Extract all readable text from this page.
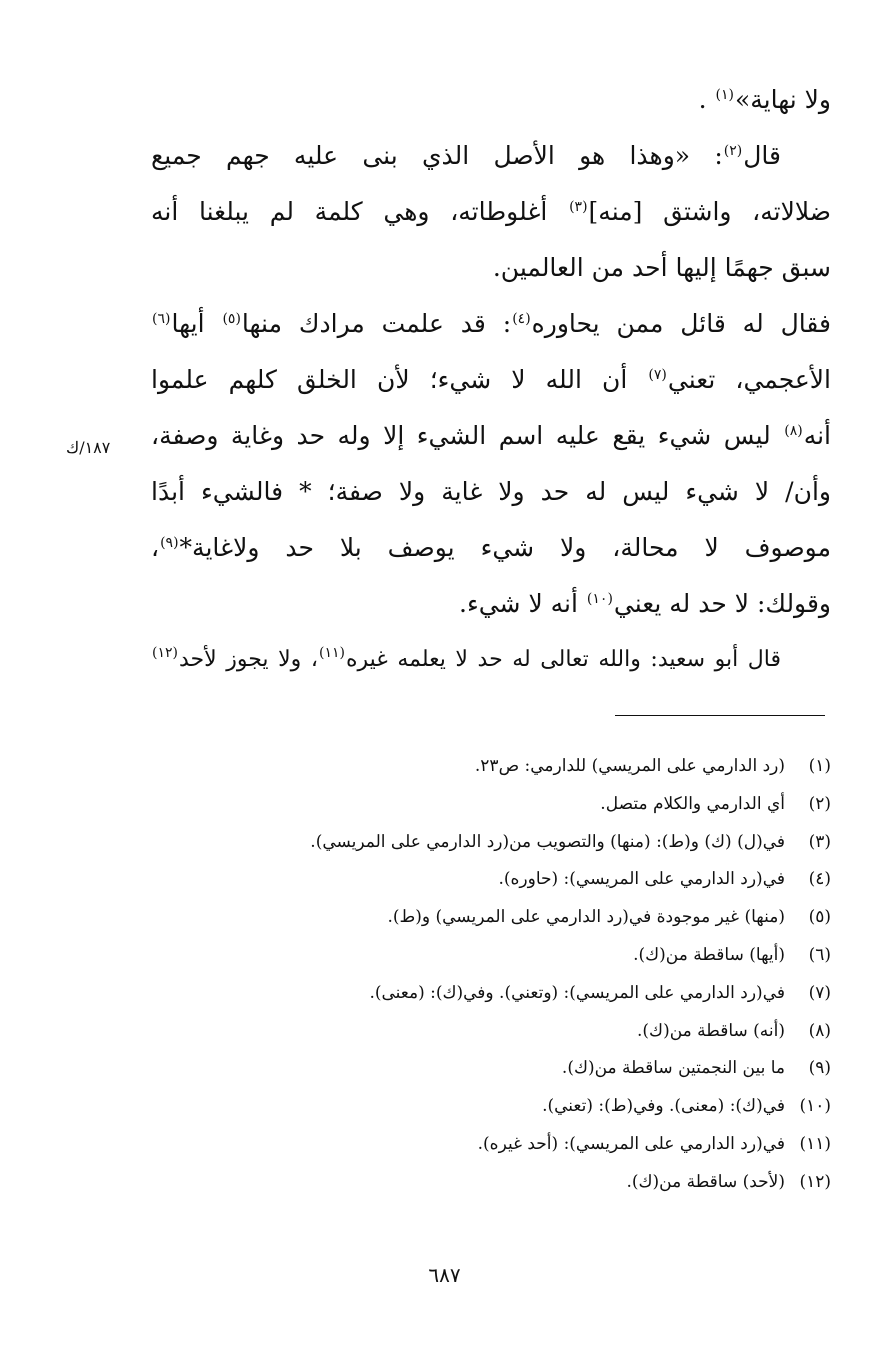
ولا نهاية»$^{(١)}$ .
قال$^{(٢)}$: «وهذا هو الأصل الذي بنى عليه جهم جميع
ضلالاته، واشتق [منه]$^{(٣)}$ أغلوطاته، وهي كلمة لم يبلغنا أنه
سبق جهمًا إليها أحد من العالمين.
فقال له قائل ممن يحاوره$^{(٤)}$: قد علمت مرادك منها$^{(٥)}$ أيها$^{(٦)}$
الأعجمي، تعني$^{(٧)}$ أن الله لا شيء؛ لأن الخلق كلهم علموا
أنه$^{(٨)}$ ليس شيء يقع عليه اسم الشيء إلا وله حد وغاية وصفة،
وأن/ لا شيء ليس له حد ولا غاية ولا صفة؛ * فالشيء أبدًا
موصوف لا محالة، ولا شيء يوصف بلا حد ولاغاية*$^{(٩)}$،
وقولك: لا حد له يعني$^{(١٠)}$ أنه لا شيء.
قال أبو سعيد: والله تعالى له حد لا يعلمه غيره$^{(١١)}$، ولا يجوز لأحد$^{(١٢)}$
١٨٧/ك
(١)(رد الدارمي على المريسي) للدارمي: ص٢٣.
(٢)أي الدارمي والكلام متصل.
(٣)في(ل) (ك) و(ط): (منها) والتصويب من(رد الدارمي على المريسي).
(٤)في(رد الدارمي على المريسي): (حاوره).
(٥)(منها) غير موجودة في(رد الدارمي على المريسي) و(ط).
(٦)(أيها) ساقطة من(ك).
(٧)في(رد الدارمي على المريسي): (وتعني). وفي(ك): (معنى).
(٨)(أنه) ساقطة من(ك).
(٩)ما بين النجمتين ساقطة من(ك).
(١٠)في(ك): (معنى). وفي(ط): (تعني).
(١١)في(رد الدارمي على المريسي): (أحد غيره).
(١٢)(لأحد) ساقطة من(ك).
٦٨٧
